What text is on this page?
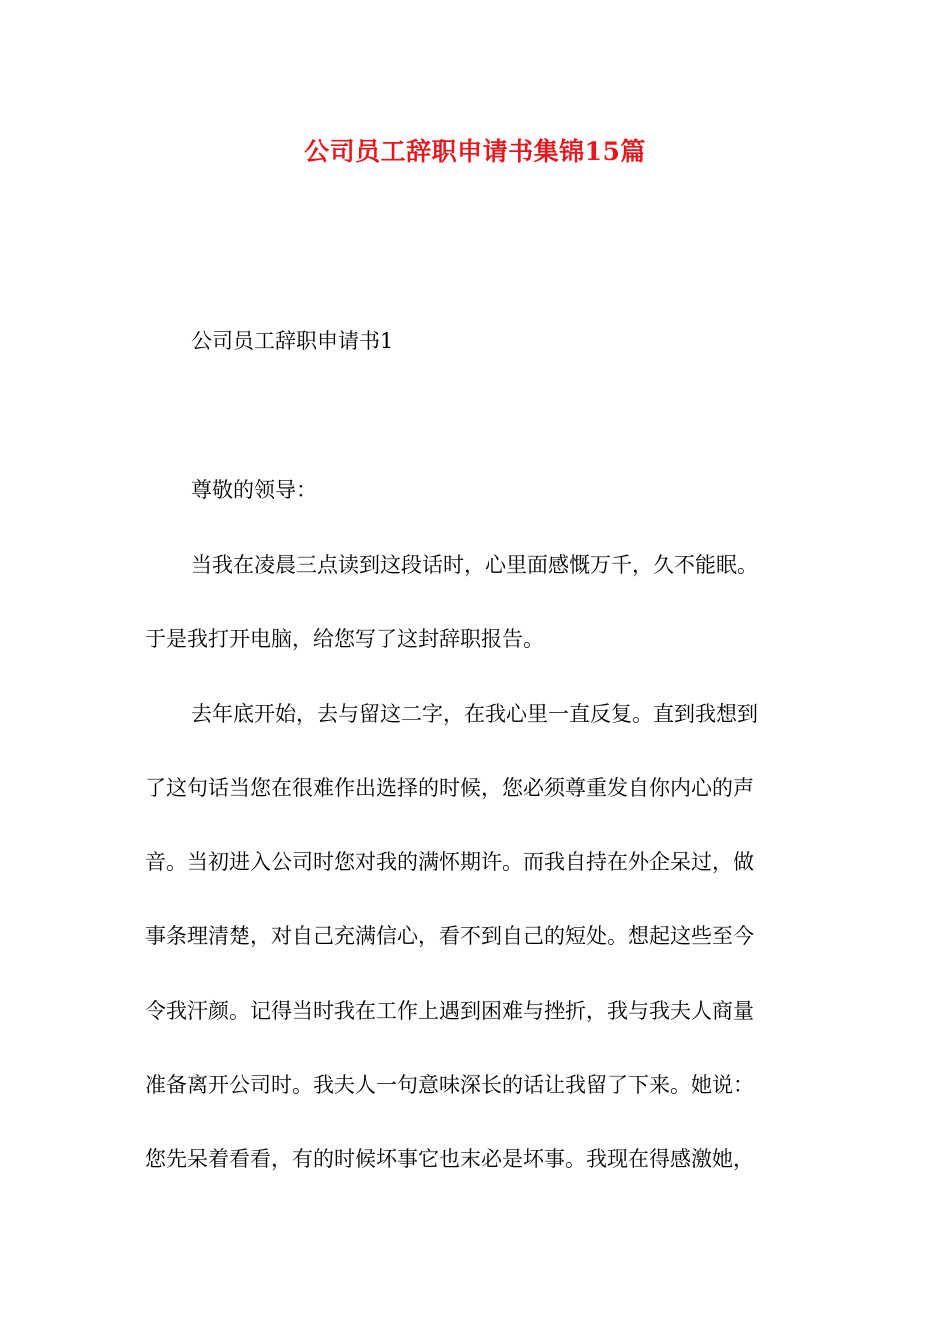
公司员工辞职申请书集锦15篇
公司员工辞职申请书1
尊敬的领导：
当我在凌晨三点读到这段话时，心里面感慨万千，久不能眠。
于是我打开电脑，给您写了这封辞职报告。
去年底开始，去与留这二字，在我心里一直反复。直到我想到
了这句话当您在很难作出选择的时候，您必须尊重发自你内心的声
音。当初进入公司时您对我的满怀期许。而我自持在外企呆过，做
事条理清楚，对自己充满信心，看不到自己的短处。想起这些至今
令我汗颜。记得当时我在工作上遇到困难与挫折，我与我夫人商量
准备离开公司时。我夫人一句意味深长的话让我留了下来。她说：
您先呆着看看，有的时候坏事它也末必是坏事。我现在得感激她，
